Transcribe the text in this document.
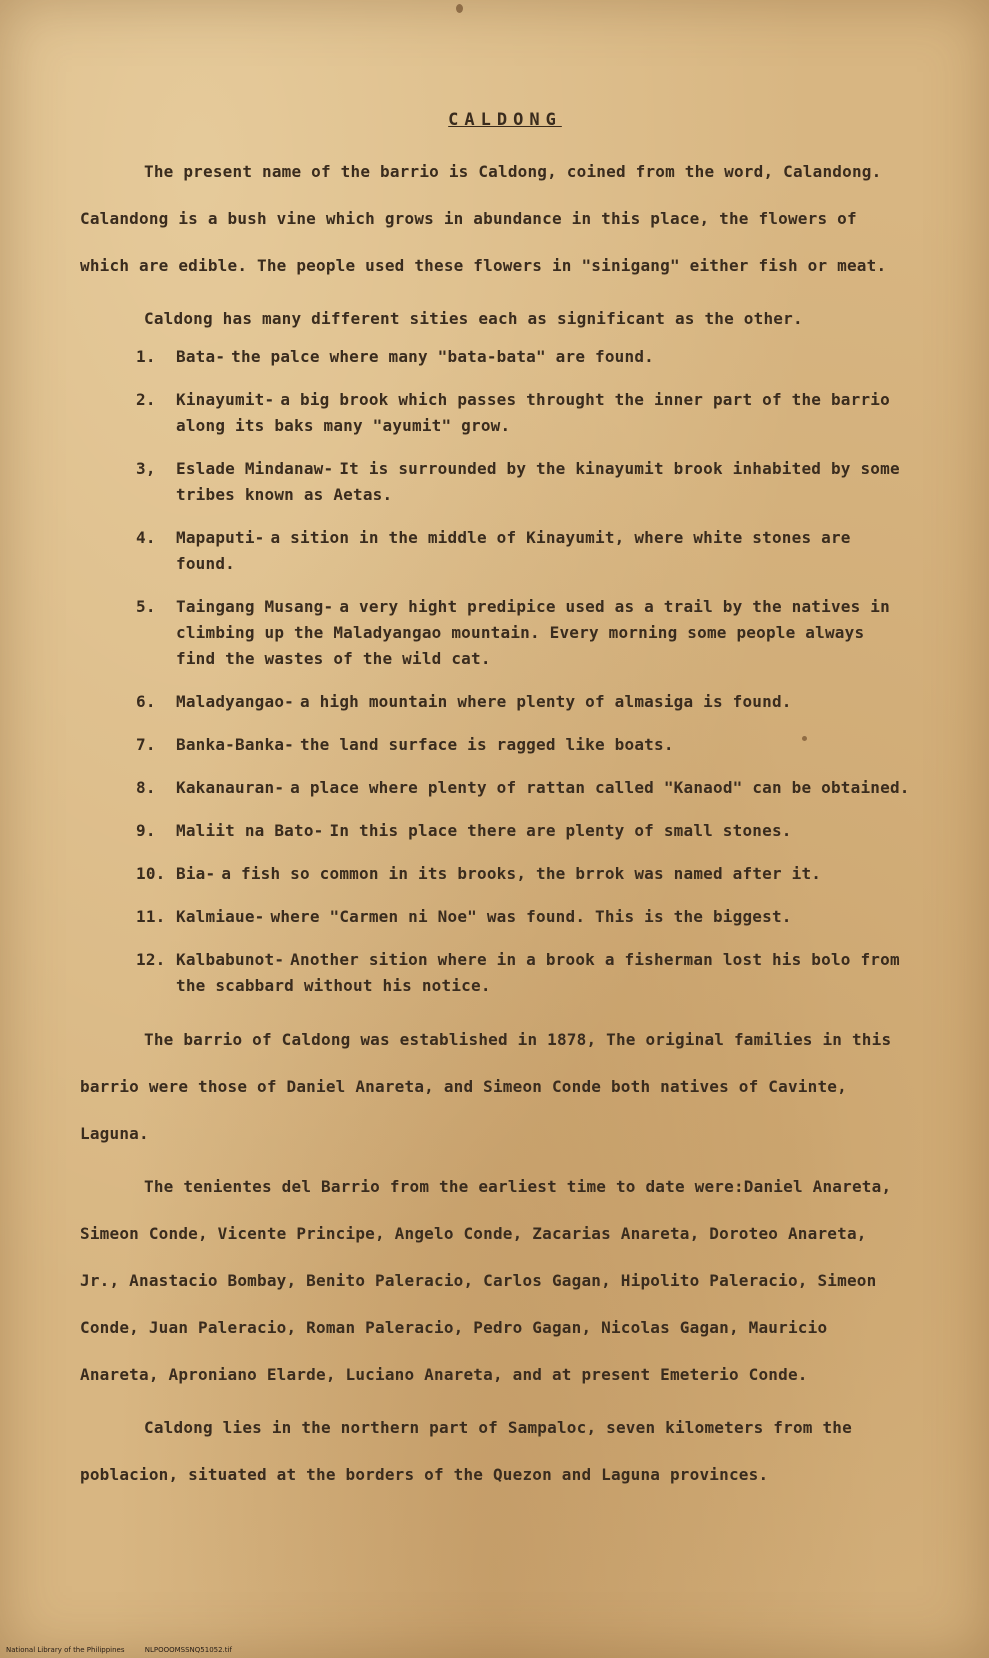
CALDONG

The present name of the barrio is Caldong, coined from the word, Calandong. Calandong is a bush vine which grows in abundance in this place, the flowers of which are edible. The people used these flowers in "sinigang" either fish or meat.

Caldong has many different sities each as significant as the other.

1.	Bata- the palce where many "bata-bata" are found.
2.	Kinayumit- a big brook which passes throught the inner part of the barrio along its baks many "ayumit" grow.
3,	Eslade Mindanaw- It is surrounded by the kinayumit brook inhabited by some tribes known as Aetas.
4.	Mapaputi- a sition in the middle of Kinayumit, where white stones are found.
5.	Taingang Musang- a very hight predipice used as a trail by the natives in climbing up the Maladyangao mountain. Every morning some people always find the wastes of the wild cat.
6.	Maladyangao- a high mountain where plenty of almasiga is found.
7.	Banka-Banka- the land surface is ragged like boats.
8.	Kakanauran- a place where plenty of rattan called "Kanaod" can be obtained.
9.	Maliit na Bato- In this place there are plenty of small stones.
10. Bia- a fish so common in its brooks, the brrok was named after it.
11. Kalmiaue- where "Carmen ni Noe" was found. This is the biggest.
12. Kalbabunot- Another sition where in a brook a fisherman lost his bolo from the scabbard without his notice.

The barrio of Caldong was established in 1878, The original families in this barrio were those of Daniel Anareta, and Simeon Conde both natives of Cavinte, Laguna.

The tenientes del Barrio from the earliest time to date were:Daniel Anareta, Simeon Conde, Vicente Principe, Angelo Conde, Zacarias Anareta, Doroteo Anareta, Jr., Anastacio Bombay, Benito Paleracio, Carlos Gagan, Hipolito Paleracio, Simeon Conde, Juan Paleracio, Roman Paleracio, Pedro Gagan, Nicolas Gagan, Mauricio Anareta, Aproniano Elarde, Luciano Anareta, and at present Emeterio Conde.

Caldong lies in the northern part of Sampaloc, seven kilometers from the poblacion, situated at the borders of the Quezon and Laguna provinces.

National Library of the Philippines	NLPOOOMSSNQ51052.tif
